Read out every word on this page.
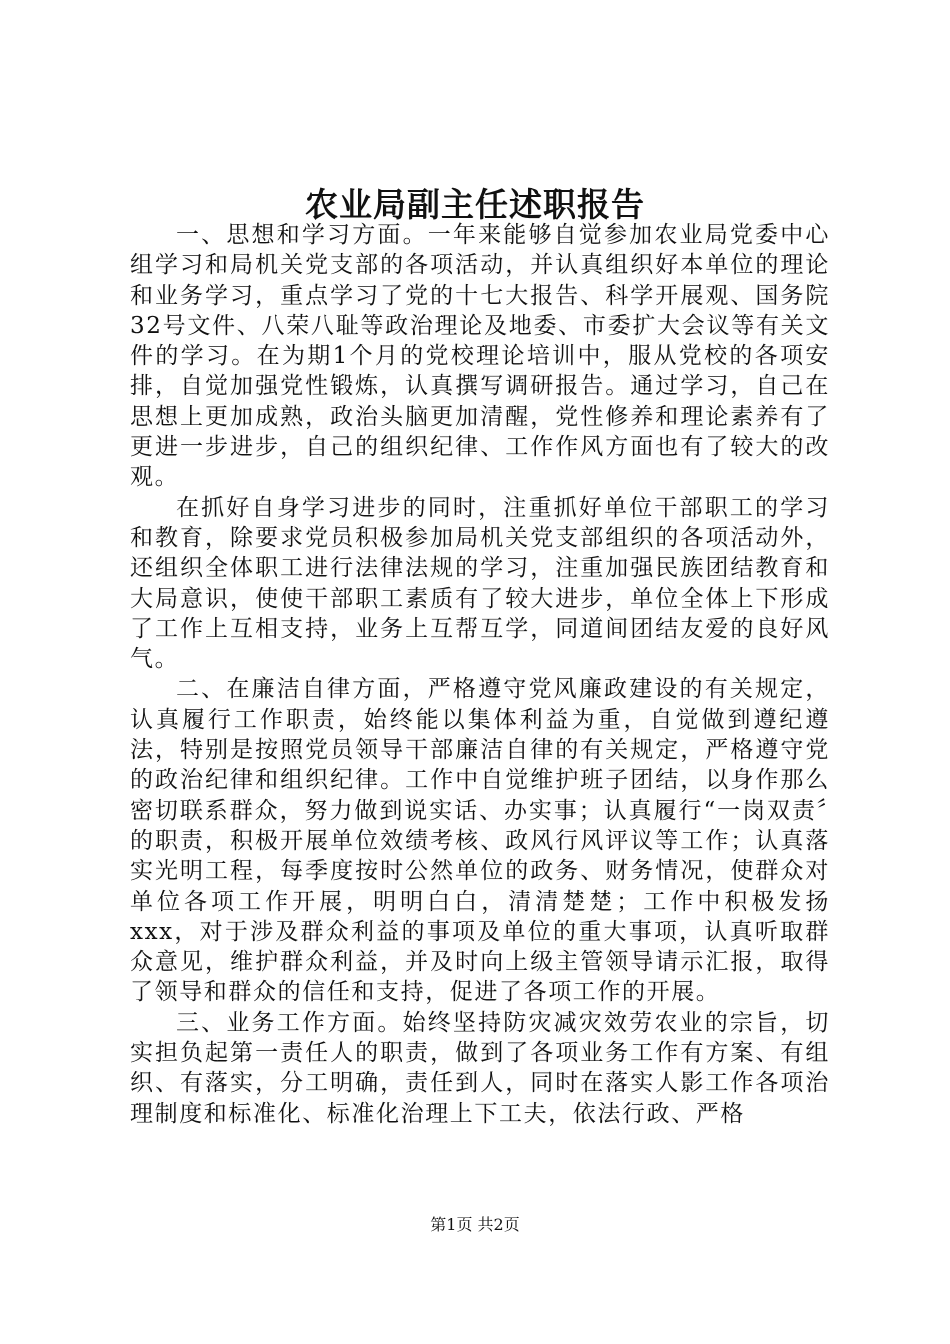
农业局副主任述职报告

一、思想和学习方面。一年来能够自觉参加农业局党委中心组学习和局机关党支部的各项活动，并认真组织好本单位的理论和业务学习，重点学习了党的十七大报告、科学开展观、国务院32号文件、八荣八耻等政治理论及地委、市委扩大会议等有关文件的学习。在为期1个月的党校理论培训中，服从党校的各项安排，自觉加强党性锻炼，认真撰写调研报告。通过学习，自己在思想上更加成熟，政治头脑更加清醒，党性修养和理论素养有了更进一步进步，自己的组织纪律、工作作风方面也有了较大的改观。

在抓好自身学习进步的同时，注重抓好单位干部职工的学习和教育，除要求党员积极参加局机关党支部组织的各项活动外，还组织全体职工进行法律法规的学习，注重加强民族团结教育和大局意识，使使干部职工素质有了较大进步，单位全体上下形成了工作上互相支持，业务上互帮互学，同道间团结友爱的良好风气。

二、在廉洁自律方面，严格遵守党风廉政建设的有关规定，认真履行工作职责，始终能以集体利益为重，自觉做到遵纪遵法，特别是按照党员领导干部廉洁自律的有关规定，严格遵守党的政治纪律和组织纪律。工作中自觉维护班子团结，以身作那么密切联系群众，努力做到说实话、办实事；认真履行“一岗双责〞的职责，积极开展单位效绩考核、政风行风评议等工作；认真落实光明工程，每季度按时公然单位的政务、财务情况，使群众对单位各项工作开展，明明白白，清清楚楚；工作中积极发扬xxx，对于涉及群众利益的事项及单位的重大事项，认真听取群众意见，维护群众利益，并及时向上级主管领导请示汇报，取得了领导和群众的信任和支持，促进了各项工作的开展。

三、业务工作方面。始终坚持防灾减灾效劳农业的宗旨，切实担负起第一责任人的职责，做到了各项业务工作有方案、有组织、有落实，分工明确，责任到人，同时在落实人影工作各项治理制度和标准化、标准化治理上下工夫，依法行政、严格

第1页 共2页
